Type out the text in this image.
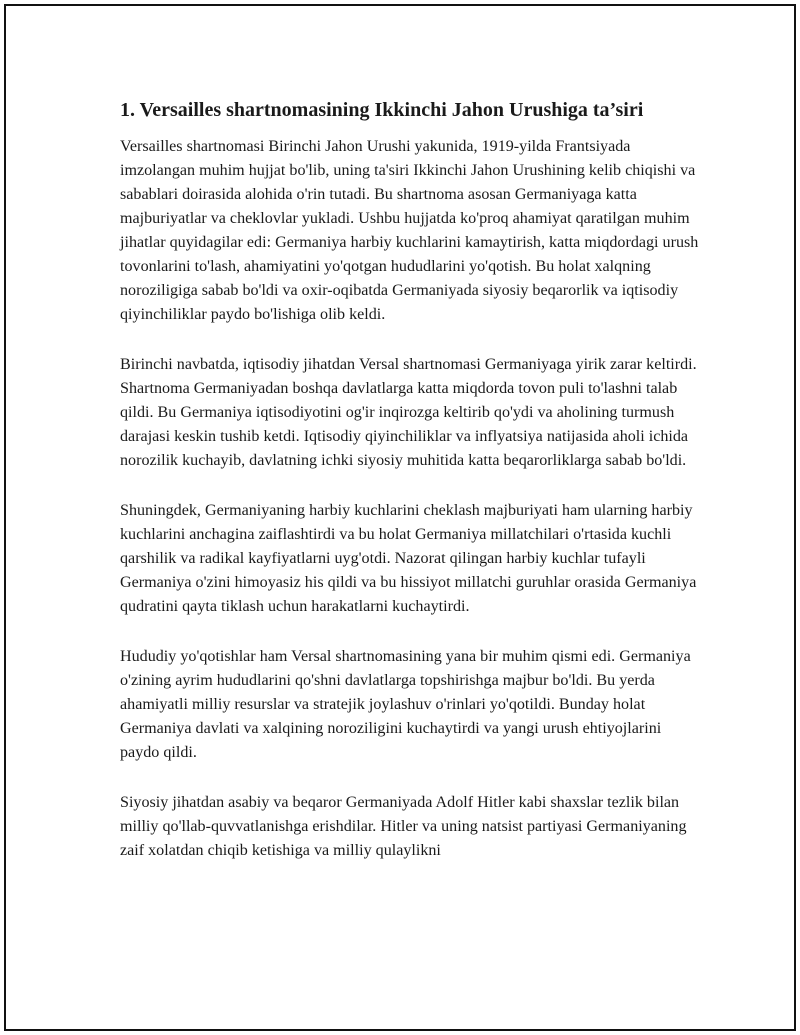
1. Versailles shartnomasining Ikkinchi Jahon Urushiga ta’siri

Versailles shartnomasi Birinchi Jahon Urushi yakunida, 1919-yilda Frantsiyada imzolangan muhim hujjat bo'lib, uning ta'siri Ikkinchi Jahon Urushining kelib chiqishi va sabablari doirasida alohida o'rin tutadi. Bu shartnoma asosan Germaniyaga katta majburiyatlar va cheklovlar yukladi. Ushbu hujjatda ko'proq ahamiyat qaratilgan muhim jihatlar quyidagilar edi: Germaniya harbiy kuchlarini kamaytirish, katta miqdordagi urush tovonlarini to'lash, ahamiyatini yo'qotgan hududlarini yo'qotish. Bu holat xalqning noroziligiga sabab bo'ldi va oxir-oqibatda Germaniyada siyosiy beqarorlik va iqtisodiy qiyinchiliklar paydo bo'lishiga olib keldi.

Birinchi navbatda, iqtisodiy jihatdan Versal shartnomasi Germaniyaga yirik zarar keltirdi. Shartnoma Germaniyadan boshqa davlatlarga katta miqdorda tovon puli to'lashni talab qildi. Bu Germaniya iqtisodiyotini og'ir inqirozga keltirib qo'ydi va aholining turmush darajasi keskin tushib ketdi. Iqtisodiy qiyinchiliklar va inflyatsiya natijasida aholi ichida norozilik kuchayib, davlatning ichki siyosiy muhitida katta beqarorliklarga sabab bo'ldi.

Shuningdek, Germaniyaning harbiy kuchlarini cheklash majburiyati ham ularning harbiy kuchlarini anchagina zaiflashtirdi va bu holat Germaniya millatchilari o'rtasida kuchli qarshilik va radikal kayfiyatlarni uyg'otdi. Nazorat qilingan harbiy kuchlar tufayli Germaniya o'zini himoyasiz his qildi va bu hissiyot millatchi guruhlar orasida Germaniya qudratini qayta tiklash uchun harakatlarni kuchaytirdi.

Hududiy yo'qotishlar ham Versal shartnomasining yana bir muhim qismi edi. Germaniya o'zining ayrim hududlarini qo'shni davlatlarga topshirishga majbur bo'ldi. Bu yerda ahamiyatli milliy resurslar va stratejik joylashuv o'rinlari yo'qotildi. Bunday holat Germaniya davlati va xalqining noroziligini kuchaytirdi va yangi urush ehtiyojlarini paydo qildi.

Siyosiy jihatdan asabiy va beqaror Germaniyada Adolf Hitler kabi shaxslar tezlik bilan milliy qo'llab-quvvatlanishga erishdilar. Hitler va uning natsist partiyasi Germaniyaning zaif xolatdan chiqib ketishiga va milliy qulaylikni
